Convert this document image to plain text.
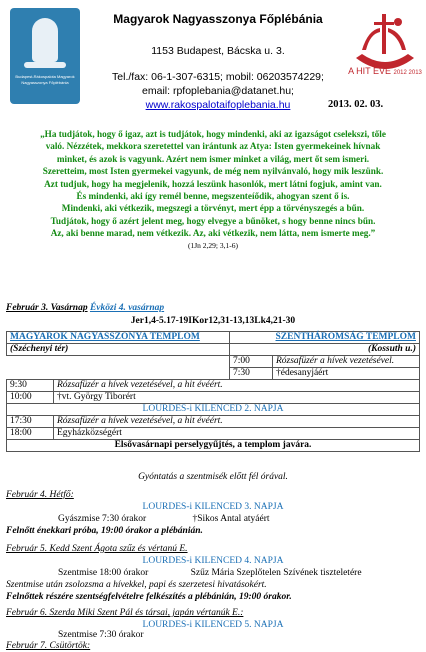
Budapest-Rákospalota Magyarok Nagyasszonya Főplébánia
A HIT ÉVE 2012 2013
Magyarok Nagyasszonya Főplébánia
1153 Budapest, Bácska u. 3.
Tel./fax: 06-1-307-6315; mobil: 06203574229;
email: rpfoplebania@datanet.hu;
www.rakospalotaifoplebania.hu	2013. 02. 03.
„Ha tudjátok, hogy ő igaz, azt is tudjátok, hogy mindenki, aki az igazságot cselekszi, tőle
való. Nézzétek, mekkora szeretettel van irántunk az Atya: Isten gyermekeinek hívnak
minket, és azok is vagyunk. Azért nem ismer minket a világ, mert őt sem ismeri.
Szeretteim, most Isten gyermekei vagyunk, de még nem nyilvánvaló, hogy mik leszünk.
Azt tudjuk, hogy ha megjelenik, hozzá leszünk hasonlók, mert látni fogjuk, amint van.
És mindenki, aki így remél benne, megszenteíődik, ahogyan szent ő is.
Mindenki, aki vétkezik, megszegi a törvényt, mert épp a törvényszegés a bűn.
Tudjátok, hogy ő azért jelent meg, hogy elvegye a bűnöket, s hogy benne nincs bűn.
Az, aki benne marad, nem vétkezik. Az, aki vétkezik, nem látta, nem ismerte meg.”
(1Jn 2,29; 3,1-6)
Február 3. Vasárnap Évközi 4. vasárnap
Jer1,4-5.17-19IKor12,31-13,13Lk4,21-30
MAGYAROK NAGYASSZONYA TEMPLOM		SZENTHÁROMSÁG TEMPLOM	
(Széchenyi tér)		(Kossuth u.)	
		7:00	Rózsafüzér a hívek vezetésével.
		7:30	†édesanyjáért
9:30	Rózsafüzér a hívek vezetésével, a hit évéért.		
10:00	†vt. György Tiborért		
LOURDES-i KILENCED 2. NAPJA			
17:30	Rózsafüzér a hívek vezetésével, a hit évéért.		
18:00	Egyházközségért		
Elsővasárnapi perselygyűjtés, a templom javára.			
Gyóntatás a szentmisék előtt fél órával.
Február 4. Hétfő:
LOURDES-i KILENCED 3. NAPJA
Gyászmise 7:30 órakor	†Sikos Antal atyáért
Felnőtt énekkari próba, 19:00 órakor a plébánián.
Február 5. Kedd Szent Ágota szűz és vértanú E.
LOURDES-i KILENCED 4. NAPJA
Szentmise 18:00 órakor	Szűz Mária Szeplőtelen Szívének tiszteletére
Szentmise után zsolozsma a hívekkel, papi és szerzetesi hivatásokért.
Felnőttek részére szentségfelvételre felkészítés a plébánián, 19:00 órakor.
Február 6. Szerda Miki Szent Pál és társai, japán vértanúk E.:
LOURDES-i KILENCED 5. NAPJA
Szentmise 7:30 órakor
Február 7. Csütörtök:
